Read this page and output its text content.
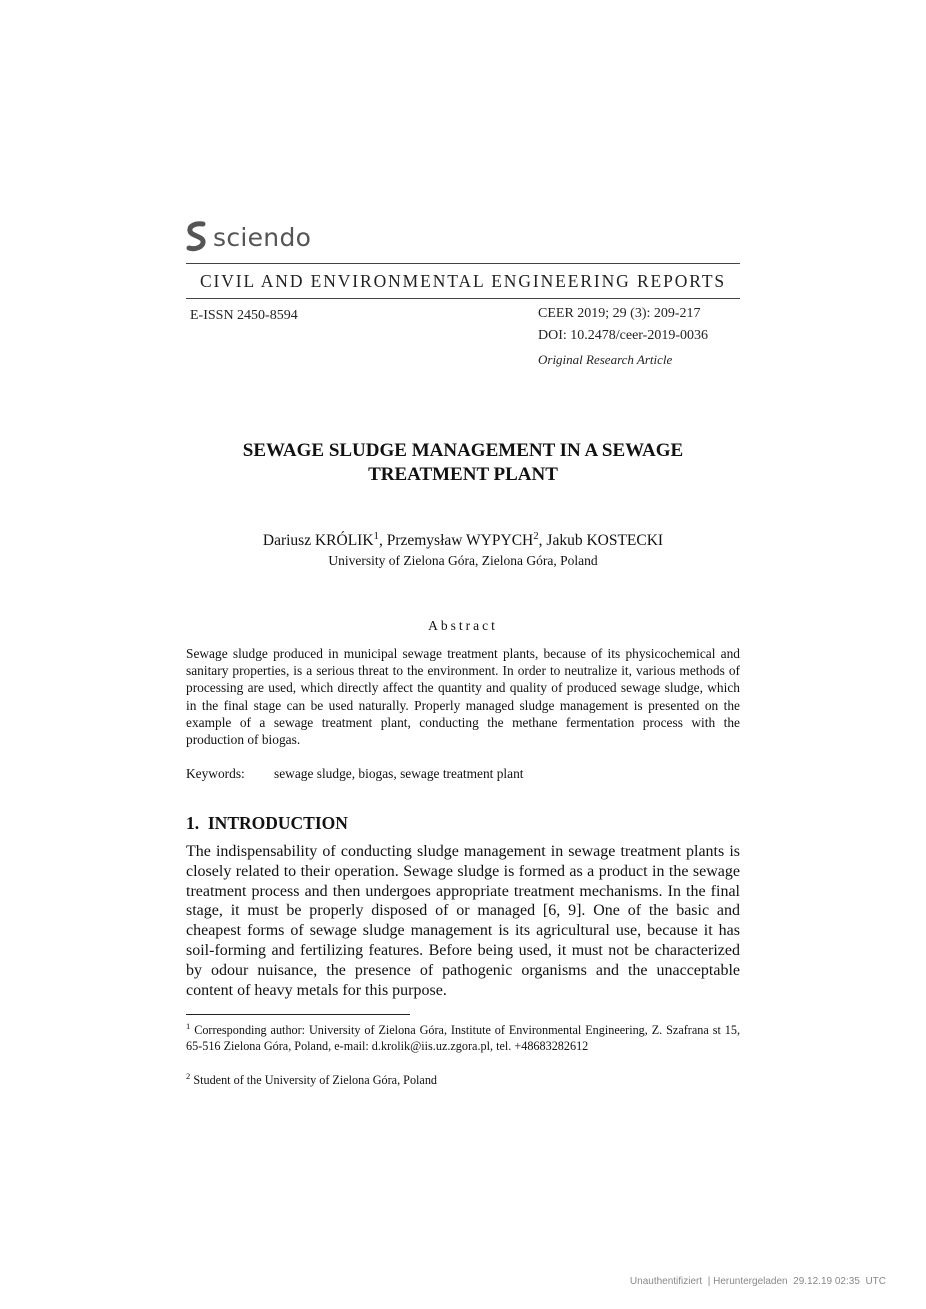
sciendo
CIVIL AND ENVIRONMENTAL ENGINEERING REPORTS
E-ISSN 2450-8594	CEER 2019; 29 (3): 209-217
DOI: 10.2478/ceer-2019-0036
Original Research Article
SEWAGE SLUDGE MANAGEMENT IN A SEWAGE
TREATMENT PLANT
Dariusz KRÓLIK$^1$, Przemysław WYPYCH$^2$, Jakub KOSTECKI
University of Zielona Góra, Zielona Góra, Poland
Abstract
Sewage sludge produced in municipal sewage treatment plants, because of its physicochemical and sanitary properties, is a serious threat to the environment. In order to neutralize it, various methods of processing are used, which directly affect the quantity and quality of produced sewage sludge, which in the final stage can be used naturally. Properly managed sludge management is presented on the example of a sewage treatment plant, conducting the methane fermentation process with the production of biogas.
Keywords: sewage sludge, biogas, sewage treatment plant
1.  INTRODUCTION
The indispensability of conducting sludge management in sewage treatment plants is closely related to their operation. Sewage sludge is formed as a product in the sewage treatment process and then undergoes appropriate treatment mechanisms. In the final stage, it must be properly disposed of or managed [6, 9]. One of the basic and cheapest forms of sewage sludge management is its agricultural use, because it has soil-forming and fertilizing features. Before being used, it must not be characterized by odour nuisance, the presence of pathogenic organisms and the unacceptable content of heavy metals for this purpose.
$^1$ Corresponding author: University of Zielona Góra, Institute of Environmental Engineering, Z. Szafrana st 15, 65-516 Zielona Góra, Poland, e-mail: d.krolik@iis.uz.zgora.pl, tel. +48683282612
$^2$ Student of the University of Zielona Góra, Poland
Unauthentifiziert  | Heruntergeladen  29.12.19 02:35  UTC
